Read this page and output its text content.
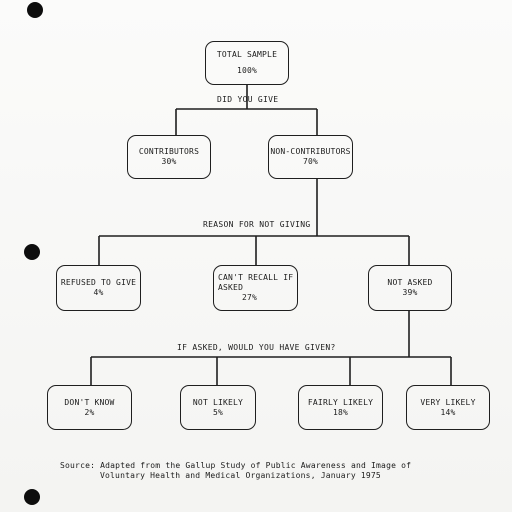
TOTAL SAMPLE
100%
DID YOU GIVE
CONTRIBUTORS
30%
NON-CONTRIBUTORS
70%
REASON FOR NOT GIVING
REFUSED TO GIVE
4%
CAN'T RECALL IF
ASKED
27%
NOT ASKED
39%
IF ASKED, WOULD YOU HAVE GIVEN?
DON'T KNOW
2%
NOT LIKELY
5%
FAIRLY LIKELY
18%
VERY LIKELY
14%
Source: Adapted from the Gallup Study of Public Awareness and Image of
Voluntary Health and Medical Organizations, January 1975
